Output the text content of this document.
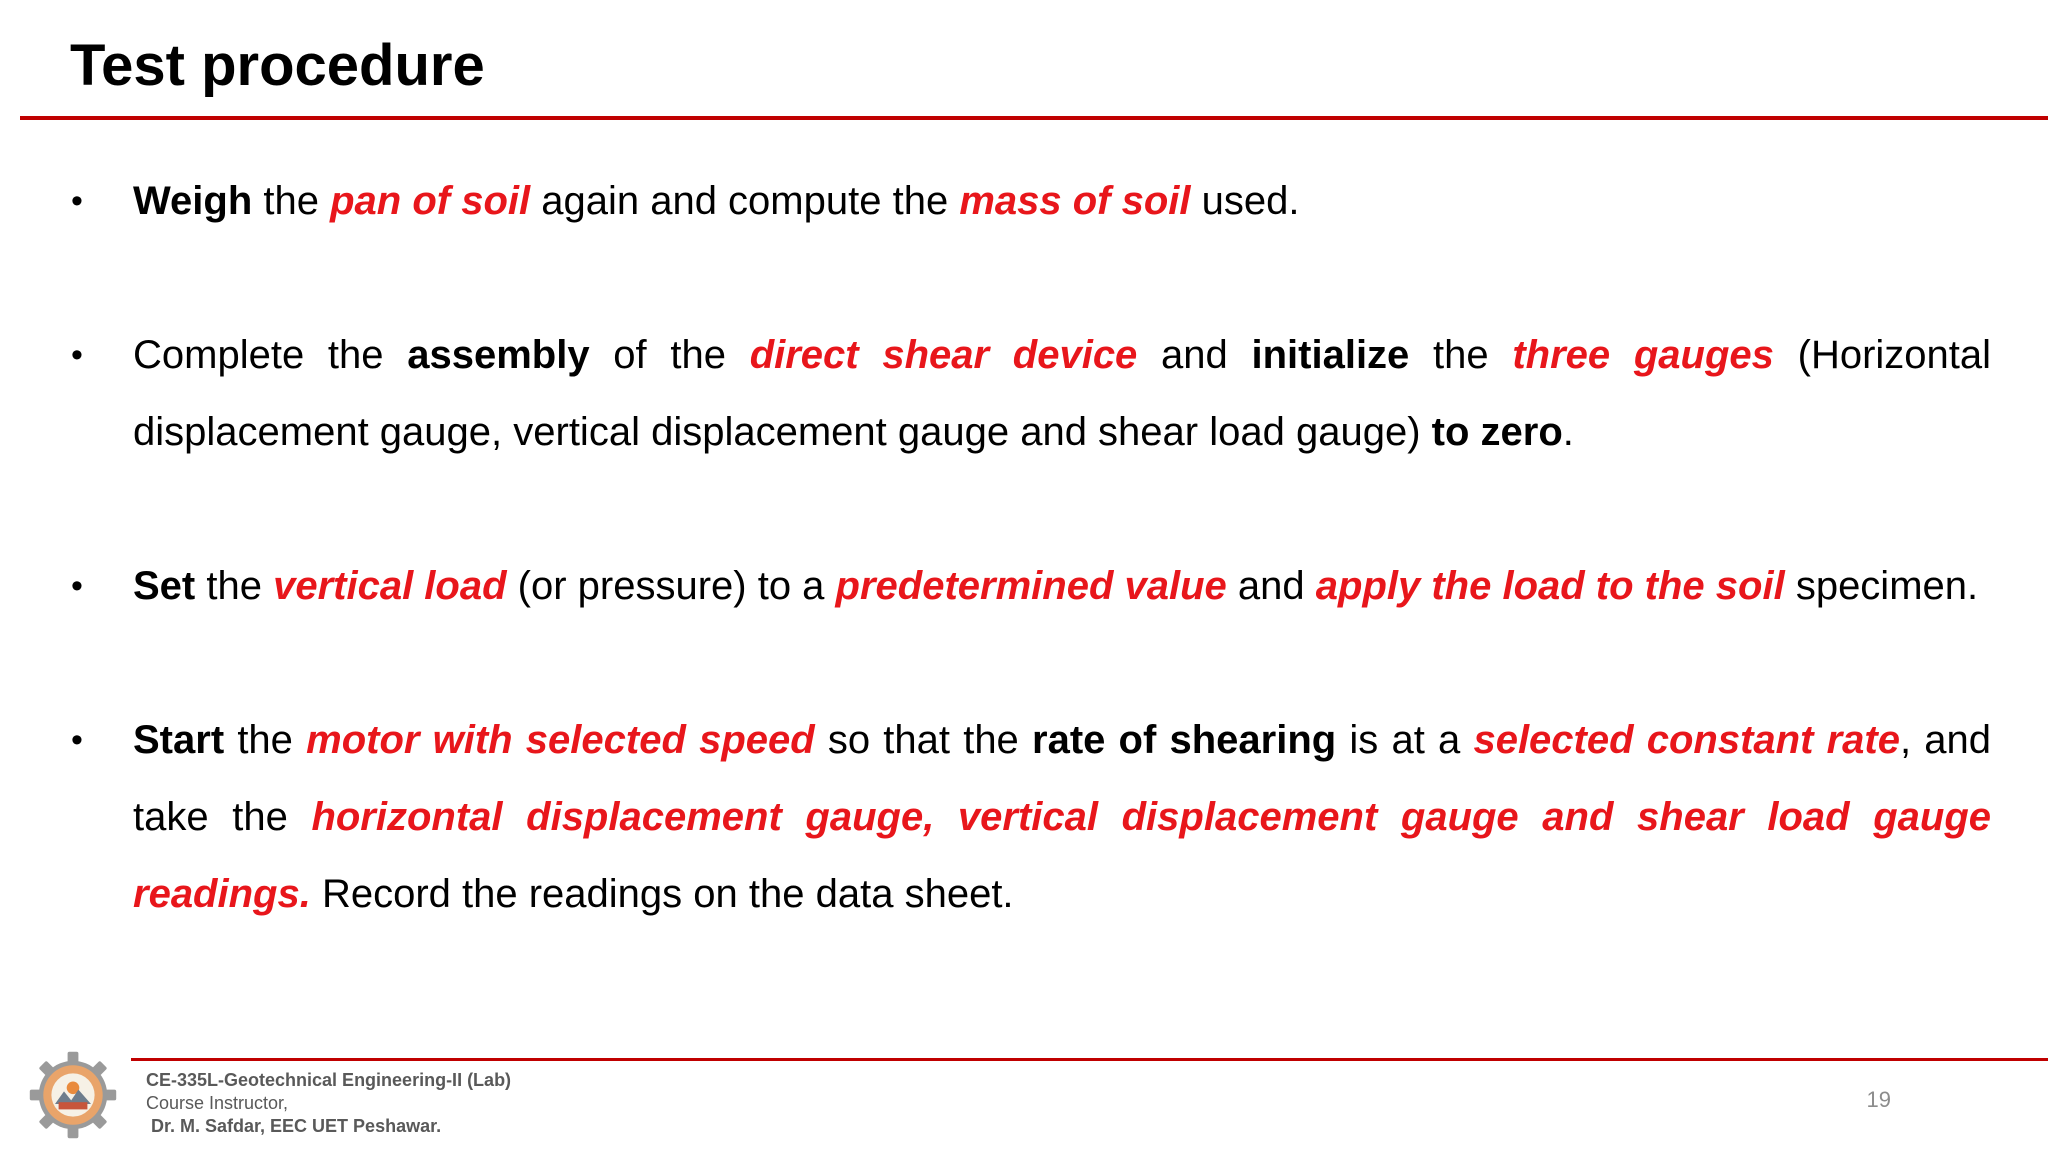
Test procedure
• Weigh the pan of soil again and compute the mass of soil used.
• Complete the assembly of the direct shear device and initialize the three gauges (Horizontal displacement gauge, vertical displacement gauge and shear load gauge) to zero.
• Set the vertical load (or pressure) to a predetermined value and apply the load to the soil specimen.
• Start the motor with selected speed so that the rate of shearing is at a selected constant rate, and take the horizontal displacement gauge, vertical displacement gauge and shear load gauge readings. Record the readings on the data sheet.
CE-335L-Geotechnical Engineering-II (Lab)
Course Instructor,
Dr. M. Safdar, EEC UET Peshawar.
19
